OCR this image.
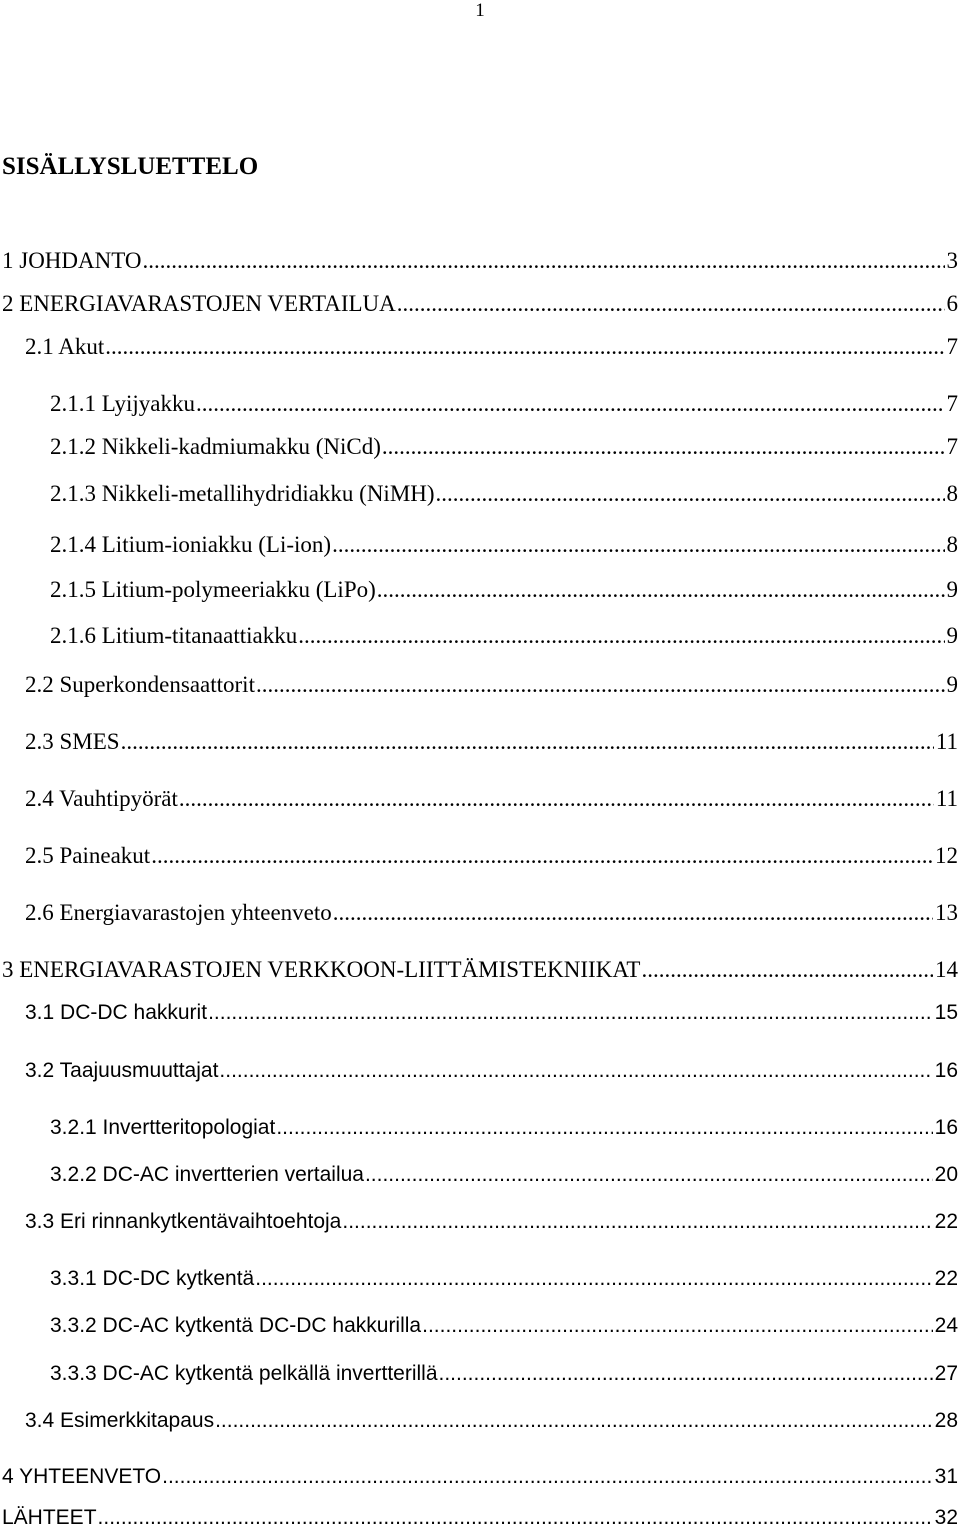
1
SISÄLLYSLUETTELO
1 JOHDANTO .....	3
2 ENERGIAVARASTOJEN VERTAILUA .....	6
2.1 Akut .....	7
2.1.1 Lyijyakku .....	7
2.1.2 Nikkeli-kadmiumakku (NiCd) .....	7
2.1.3 Nikkeli-metallihydridiakku (NiMH) .....	8
2.1.4 Litium-ioniakku (Li-ion) .....	8
2.1.5 Litium-polymeeriakku (LiPo) .....	9
2.1.6 Litium-titanaattiakku .....	9
2.2 Superkondensaattorit .....	9
2.3 SMES .....	11
2.4 Vauhtipyörät .....	11
2.5 Paineakut .....	12
2.6 Energiavarastojen yhteenveto .....	13
3 ENERGIAVARASTOJEN VERKKOON-LIITTÄMISTEKNIIKAT .....	14
3.1 DC-DC hakkurit .....	15
3.2 Taajuusmuuttajat .....	16
3.2.1 Invertteritopologiat .....	16
3.2.2 DC-AC invertterien vertailua .....	20
3.3 Eri rinnankytkentävaihtoehtoja .....	22
3.3.1 DC-DC kytkentä .....	22
3.3.2 DC-AC kytkentä DC-DC hakkurilla .....	24
3.3.3 DC-AC kytkentä pelkällä invertterillä .....	27
3.4 Esimerkkitapaus .....	28
4 YHTEENVETO .....	31
LÄHTEET .....	32
